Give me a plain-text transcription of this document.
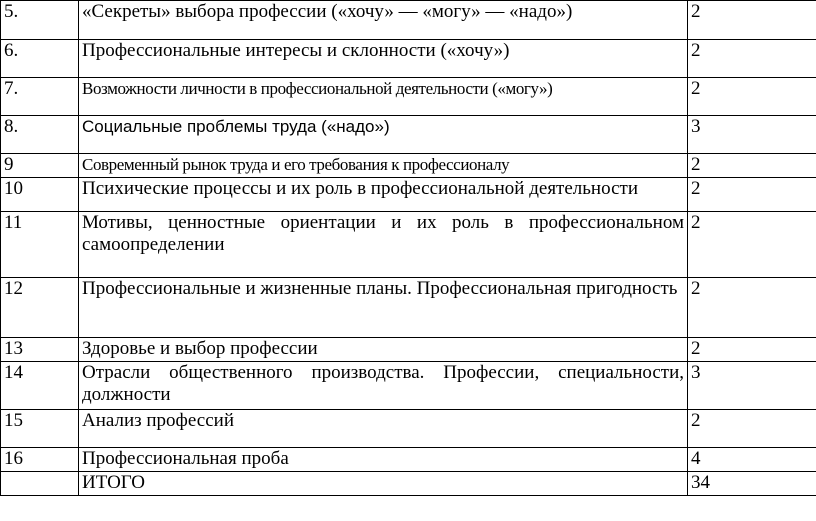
5.	«Секреты» выбора профессии («хочу» — «могу» — «надо»)	2
6.	Профессиональные интересы и склонности («хочу»)	2
7.	Возможности личности в профессиональной деятельности («могу»)	2
8.	Социальные проблемы труда («надо»)	3
9	Современный рынок труда и его требования к профессионалу	2
10	Психические процессы и их роль в профессиональной деятельности	2
11	Мотивы, ценностные ориентации и их роль в профессиональном самоопределении	2
12	Профессиональные и жизненные планы. Профессиональная пригодность	2
13	Здоровье и выбор профессии	2
14	Отрасли общественного производства. Профессии, специальности, должности	3
15	Анализ профессий	2
16	Профессиональная проба	4
	ИТОГО	34
